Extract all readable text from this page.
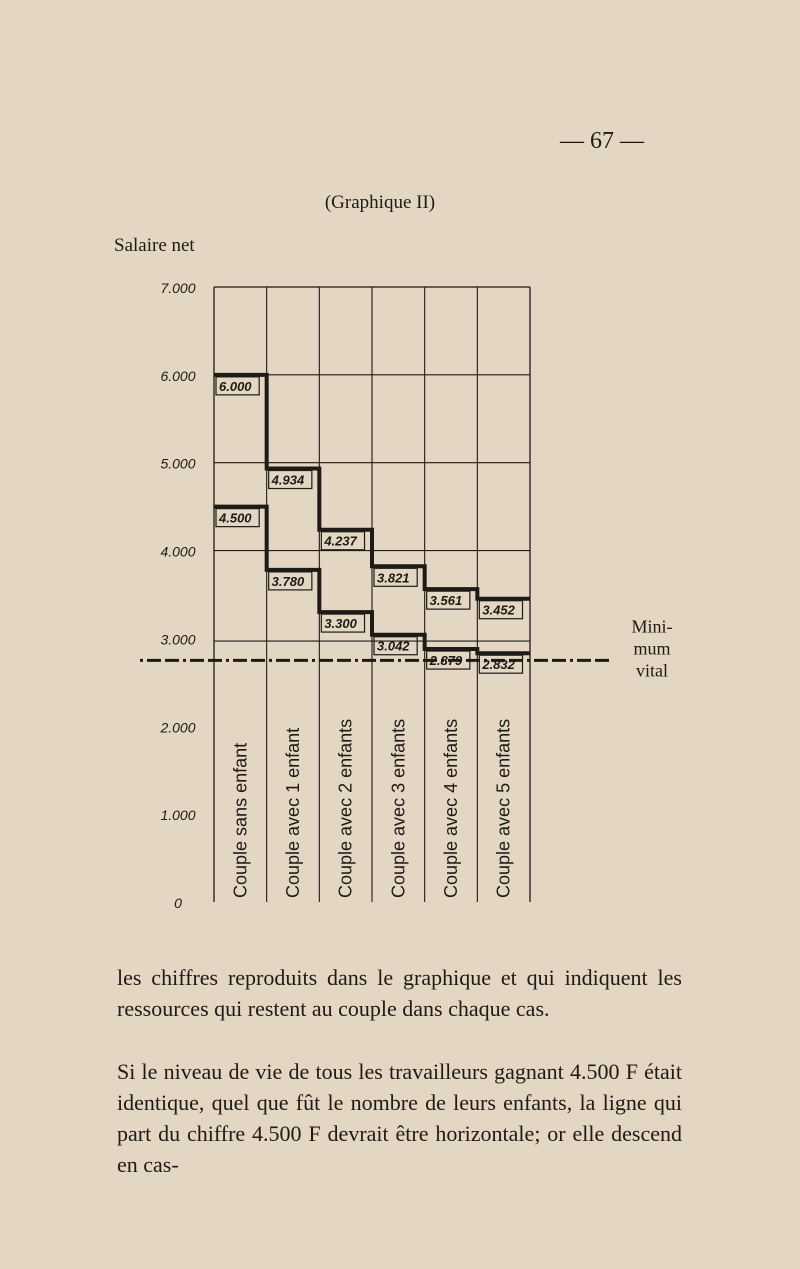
— 67 —
(Graphique II)
Salaire net
0
1.000
2.000
3.000
4.000
5.000
6.000
7.000
Mini-mum vital
6.000
4.934
4.237
3.821
3.561
3.452
4.500
3.780
3.300
3.042
2.879 2.832
Couple sans enfant Couple avec 1 enfant Couple avec 2 enfants Couple avec 3 enfants Couple avec 4 enfants Couple avec 5 enfants

les chiffres reproduits dans le graphique et qui indiquent les ressources qui restent au couple dans chaque cas.

Si le niveau de vie de tous les travailleurs gagnant 4.500 F était identique, quel que fût le nombre de leurs enfants, la ligne qui part du chiffre 4.500 F devrait être horizontale; or elle descend en cas-
